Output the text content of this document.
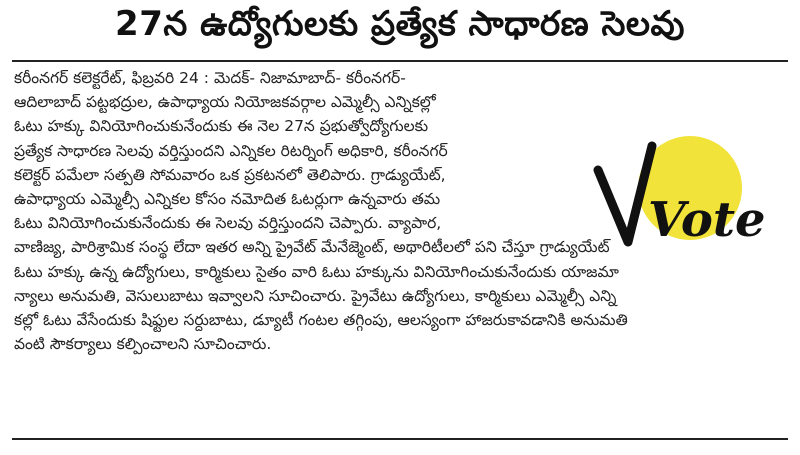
27న ఉద్యోగులకు ప్రత్యేక సాధారణ సెలవు
కరీంనగర్ కలెక్టరేట్, ఫిబ్రవరి 24 : మెదక్- నిజామాబాద్- కరీంనగర్-
ఆదిలాబాద్ పట్టభద్రుల, ఉపాధ్యాయ నియోజకవర్గాల ఎమ్మెల్సీ ఎన్నికల్లో
ఓటు హక్కు వినియోగించుకునేందుకు ఈ నెల 27న ప్రభుత్వోద్యోగులకు
ప్రత్యేక సాధారణ సెలవు వర్తిస్తుందని ఎన్నికల రిటర్నింగ్ అధికారి, కరీంనగర్
కలెక్టర్ పమేలా సత్పతి సోమవారం ఒక ప్రకటనలో తెలిపారు. గ్రాడ్యుయేట్,
ఉపాధ్యాయ ఎమ్మెల్సీ ఎన్నికల కోసం నమోదిత ఓటర్లుగా ఉన్నవారు తమ
ఓటు వినియోగించుకునేందుకు ఈ సెలవు వర్తిస్తుందని చెప్పారు. వ్యాపార,
వాణిజ్య, పారిశ్రామిక సంస్థ లేదా ఇతర అన్ని ప్రైవేట్ మేనేజ్మెంట్, అథారిటీలలో పని చేస్తూ గ్రాడ్యుయేట్
ఓటు హక్కు ఉన్న ఉద్యోగులు, కార్మికులు సైతం వారి ఓటు హక్కును వినియోగించుకునేందుకు యాజమా
న్యాలు అనుమతి, వెసులుబాటు ఇవ్వాలని సూచించారు. ప్రైవేటు ఉద్యోగులు, కార్మికులు ఎమ్మెల్సీ ఎన్ని
కల్లో ఓటు వేసేందుకు షిఫ్టుల సర్దుబాటు, డ్యూటీ గంటల తగ్గింపు, ఆలస్యంగా హాజరుకావడానికి అనుమతి
వంటి సౌకర్యాలు కల్పించాలని సూచించారు.
Vote
